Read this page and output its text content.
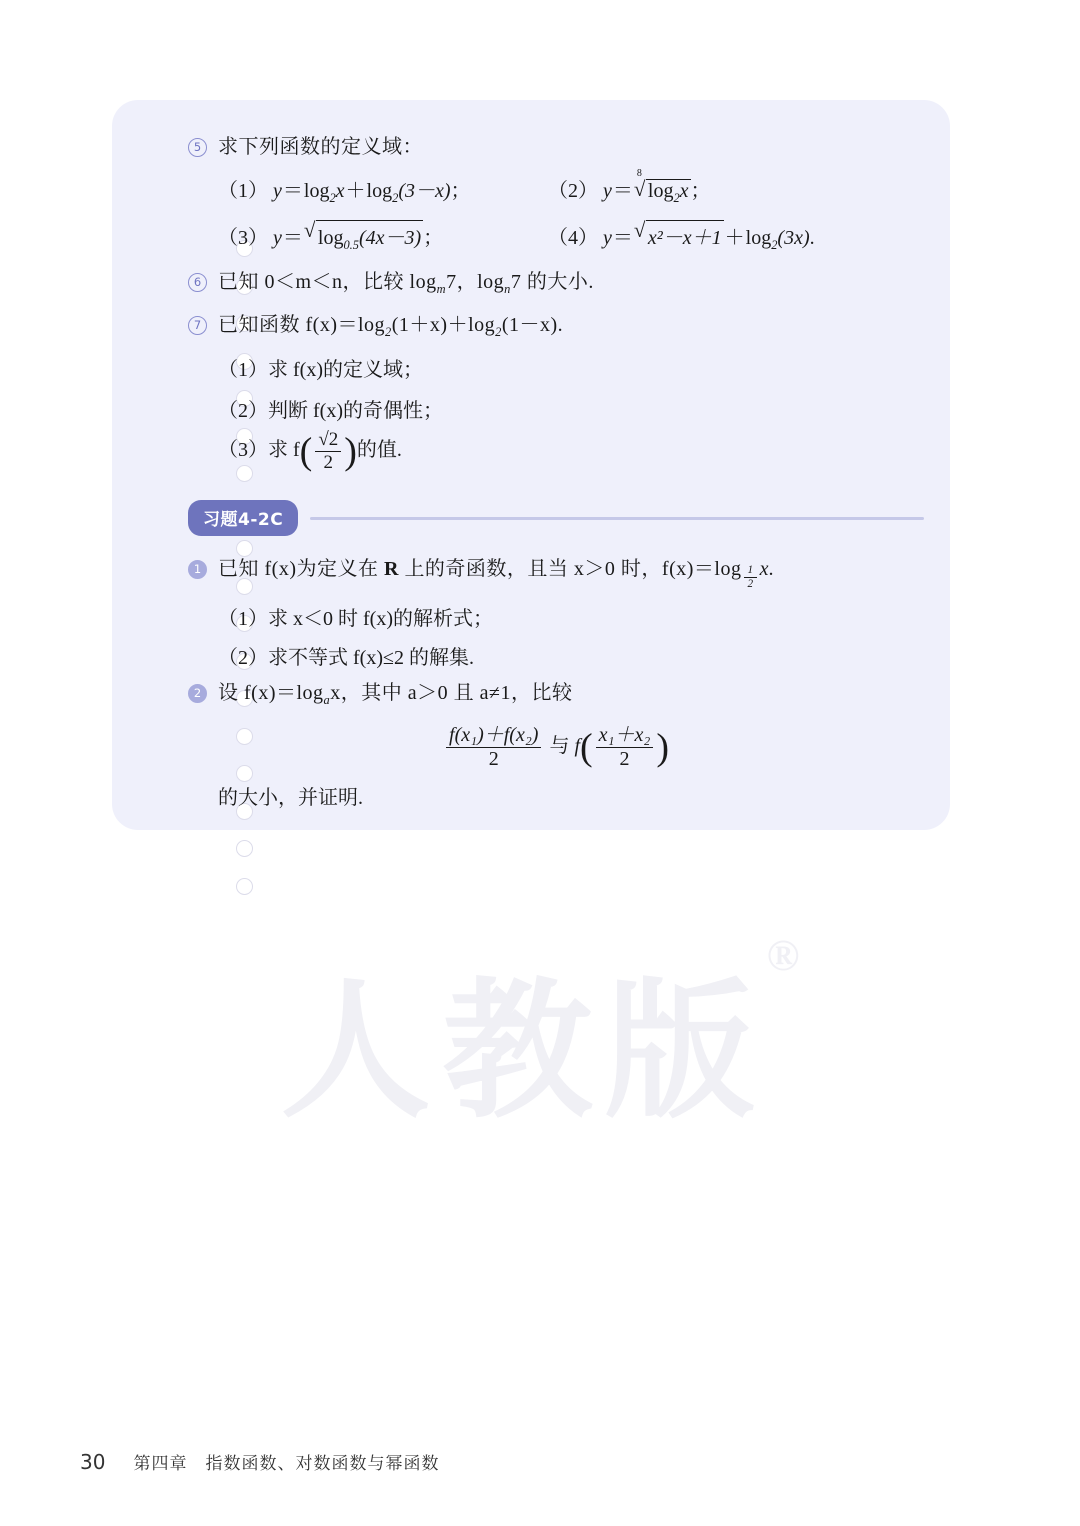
5 求下列函数的定义域：
（1） $y=\log_2x+\log_2(3-x)$；	（2） y＝
√ 8
$\log_2x$ ；
（3） y＝ √ $\log_{0.5}(4x-3)$ ；	（4） y＝ √ $x^2-x+1 +\log_2(3x)$.
6 已知 0＜m＜n，比较 $\log_m7$，$\log_n7$ 的大小.
7 已知函数 $f(x)=\log_2(1+x)+\log_2(1-x)$.
（1）求 f(x)的定义域；
（2）判断 f(x)的奇偶性；
（3）求 $f( \frac{√2}{2}$ )的值.
习题4-2C
1 已知 f(x)为定义在 R 上的奇函数，且当 x＞0 时，f(x)＝log $_{\frac{1}{2}}$ x.
（1）求 x＜0 时 f(x)的解析式；
（2）求不等式 f(x)≤2 的解集.
2 设 $f(x)=\log_ax$，其中 a＞0 且 a≠1，比较
$\frac{\text{f(x₁)＋f(x₂)}}{2}$ 与 $f( \frac{\text{x₁＋x₂}}{2}$ )
的大小，并证明.
人教版®
30 第四章　指数函数、对数函数与幂函数
